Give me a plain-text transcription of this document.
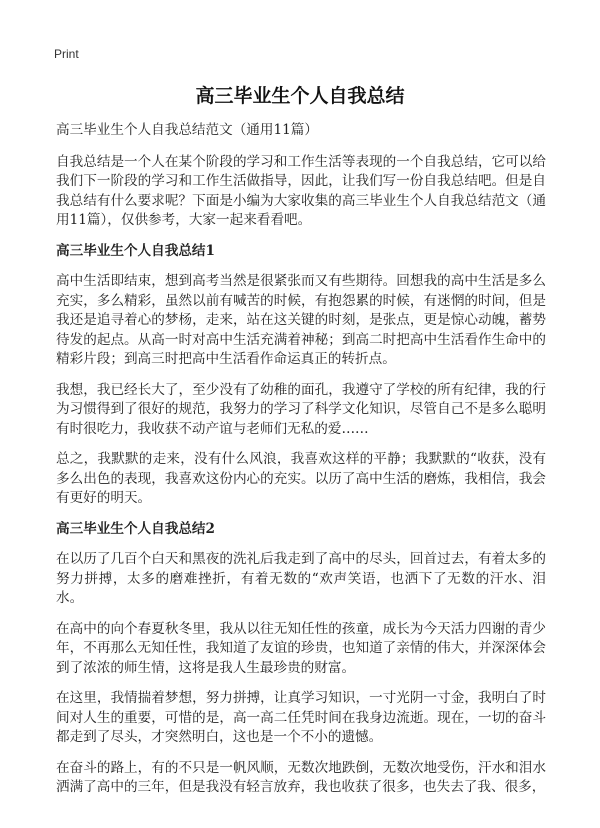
Print
高三毕业生个人自我总结

高三毕业生个人自我总结范文（通用11篇）

自我总结是一个人在某个阶段的学习和工作生活等表现的一个自我总结，它可以给我们下一阶段的学习和工作生活做指导，因此，让我们写一份自我总结吧。但是自我总结有什么要求呢？下面是小编为大家收集的高三毕业生个人自我总结范文（通用11篇），仅供参考，大家一起来看看吧。

高三毕业生个人自我总结1

高中生活即结束，想到高考当然是很紧张而又有些期待。回想我的高中生活是多么充实，多么精彩，虽然以前有喊苦的时候，有抱怨累的时候，有迷惘的时间，但是我还是追寻着心的梦杨，走来，站在这关键的时刻，是张点，更是惊心动魄，蓄势待发的起点。从高一时对高中生活充满着神秘；到高二时把高中生活看作生命中的精彩片段；到高三时把高中生活看作命运真正的转折点。

我想，我已经长大了，至少没有了幼稚的面孔，我遵守了学校的所有纪律，我的行为习惯得到了很好的规范，我努力的学习了科学文化知识，尽管自己不是多么聪明有时很吃力，我收获不动产谊与老师们无私的爱……

总之，我默默的走来，没有什么风浪，我喜欢这样的平静；我默默的“收获，没有多么出色的表现，我喜欢这份内心的充实。以历了高中生活的磨炼，我相信，我会有更好的明天。

高三毕业生个人自我总结2

在以历了几百个白天和黑夜的洗礼后我走到了高中的尽头，回首过去，有着太多的努力拼搏，太多的磨难挫折，有着无数的“欢声笑语，也洒下了无数的汗水、泪水。

在高中的向个春夏秋冬里，我从以往无知任性的孩童，成长为今天活力四谢的青少年，不再那么无知任性，我知道了友谊的珍贵，也知道了亲情的伟大，并深深体会到了浓浓的师生情，这将是我人生最珍贵的财富。

在这里，我情揣着梦想，努力拼搏，让真学习知识，一寸光阴一寸金，我明白了时间对人生的重要，可惜的是，高一高二任凭时间在我身边流逝。现在，一切的奋斗都走到了尽头，才突然明白，这也是一个不小的遗憾。

在奋斗的路上，有的不只是一帆风顺，无数次地跌倒，无数次地受伤，汗水和泪水洒满了高中的三年，但是我没有轻言放弃，我也收获了很多，也失去了我、很多，
